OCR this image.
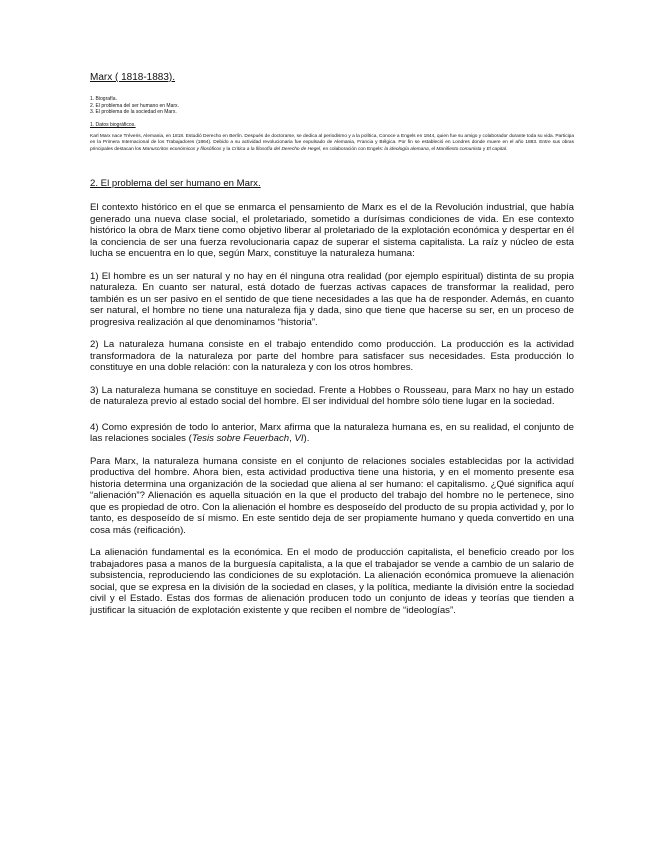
Marx ( 1818-1883).
1. Biografía.
2. El problema del ser humano en Marx.
3. El problema de la sociedad en Marx.
1. Datos biográficos.

Karl Marx nace Tréveris, Alemania, en 1818. Estudió Derecho en Berlín. Después de doctorarse, se dedica al periodismo y a la política, Conoce a Engels en 1844, quien fue su amigo y colaborador durante toda su vida. Participa en la Primera Internacional de los Trabajadores (1864). Debido a su actividad revolucionaria fue expulsado de Alemania, Francia y Bélgica. Por fin se estableció en Londres donde muere en el año 1883. Entre sus obras principales destacan los Manuscritos económicos y filosóficos y la Crítica a la filosofía del Derecho de Hegel, en colaboración con Engels: la ideología alemana, el Manifiesto comunista y El capital.

2. El problema del ser humano en Marx.

El contexto histórico en el que se enmarca el pensamiento de Marx es el de la Revolución industrial, que había generado una nueva clase social, el proletariado, sometido a durísimas condiciones de vida. En ese contexto histórico la obra de Marx tiene como objetivo liberar al proletariado de la explotación económica y despertar en él la conciencia de ser una fuerza revolucionaria capaz de superar el sistema capitalista. La raíz y núcleo de esta lucha se encuentra en lo que, según Marx, constituye la naturaleza humana:

1) El hombre es un ser natural y no hay en él ninguna otra realidad (por ejemplo espiritual) distinta de su propia naturaleza. En cuanto ser natural, está dotado de fuerzas activas capaces de transformar la realidad, pero también es un ser pasivo en el sentido de que tiene necesidades a las que ha de responder. Además, en cuanto ser natural, el hombre no tiene una naturaleza fija y dada, sino que tiene que hacerse su ser, en un proceso de progresiva realización al que denominamos “historia”.

2) La naturaleza humana consiste en el trabajo entendido como producción. La producción es la actividad transformadora de la naturaleza por parte del hombre para satisfacer sus necesidades. Esta producción lo constituye en una doble relación: con la naturaleza y con los otros hombres.

3) La naturaleza humana se constituye en sociedad. Frente a Hobbes o Rousseau, para Marx no hay un estado de naturaleza previo al estado social del hombre. El ser individual del hombre sólo tiene lugar en la sociedad.

4) Como expresión de todo lo anterior, Marx afirma que la naturaleza humana es, en su realidad, el conjunto de las relaciones sociales (Tesis sobre Feuerbach, VI).

Para Marx, la naturaleza humana consiste en el conjunto de relaciones sociales establecidas por la actividad productiva del hombre. Ahora bien, esta actividad productiva tiene una historia, y en el momento presente esa historia determina una organización de la sociedad que aliena al ser humano: el capitalismo. ¿Qué significa aquí “alienación”? Alienación es aquella situación en la que el producto del trabajo del hombre no le pertenece, sino que es propiedad de otro. Con la alienación el hombre es desposeído del producto de su propia actividad y, por lo tanto, es desposeído de sí mismo. En este sentido deja de ser propiamente humano y queda convertido en una cosa más (reificación).

La alienación fundamental es la económica. En el modo de producción capitalista, el beneficio creado por los trabajadores pasa a manos de la burguesía capitalista, a la que el trabajador se vende a cambio de un salario de subsistencia, reproduciendo las condiciones de su explotación. La alienación económica promueve la alienación social, que se expresa en la división de la sociedad en clases, y la política, mediante la división entre la sociedad civil y el Estado. Estas dos formas de alienación producen todo un conjunto de ideas y teorías que tienden a justificar la situación de explotación existente y que reciben el nombre de “ideologías”.
